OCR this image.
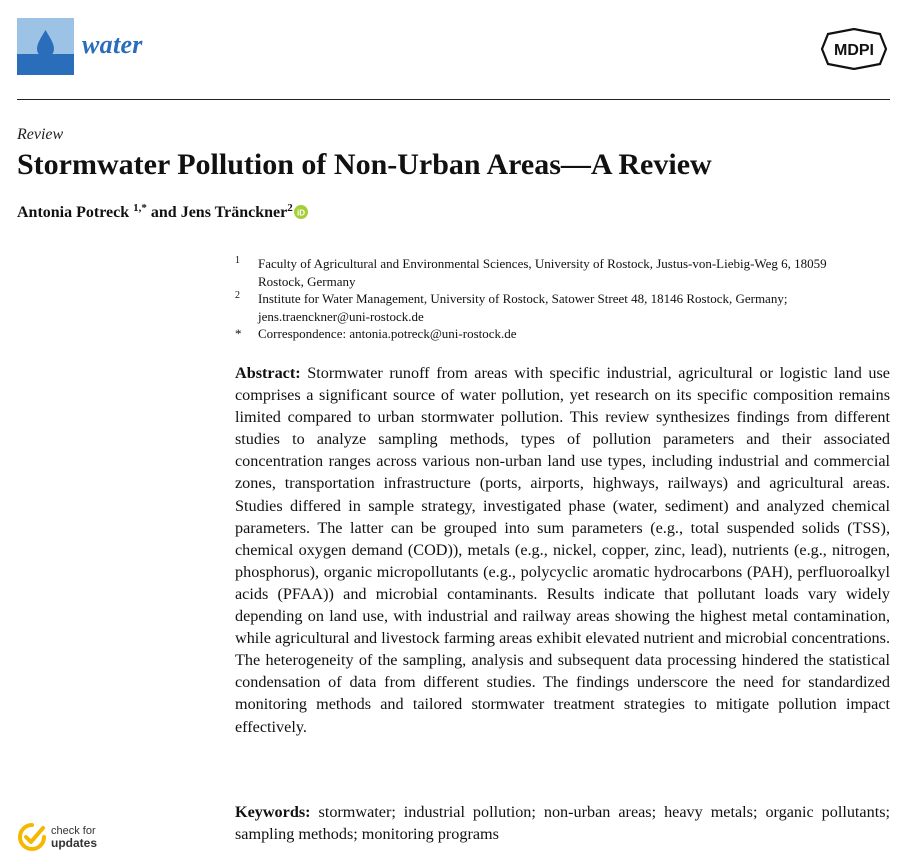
water	MDPI
Review
Stormwater Pollution of Non-Urban Areas—A Review
Antonia Potreck $^{1,*}$ and Jens Tränckner$^2$ iD
1 Faculty of Agricultural and Environmental Sciences, University of Rostock, Justus-von-Liebig-Weg 6, 18059 Rostock, Germany
2 Institute for Water Management, University of Rostock, Satower Street 48, 18146 Rostock, Germany; jens.traenckner@uni-rostock.de
* Correspondence: antonia.potreck@uni-rostock.de

Abstract: Stormwater runoff from areas with specific industrial, agricultural or logistic land use comprises a significant source of water pollution, yet research on its specific composition remains limited compared to urban stormwater pollution. This review synthesizes findings from different studies to analyze sampling methods, types of pollution parameters and their associated concentration ranges across various non-urban land use types, including industrial and commercial zones, transportation infrastructure (ports, airports, highways, railways) and agricultural areas. Studies differed in sample strategy, investigated phase (water, sediment) and analyzed chemical parameters. The latter can be grouped into sum parameters (e.g., total suspended solids (TSS), chemical oxygen demand (COD)), metals (e.g., nickel, copper, zinc, lead), nutrients (e.g., nitrogen, phosphorus), organic micropollutants (e.g., polycyclic aromatic hydrocarbons (PAH), perfluoroalkyl acids (PFAA)) and microbial contaminants. Results indicate that pollutant loads vary widely depending on land use, with industrial and railway areas showing the highest metal contamination, while agricultural and livestock farming areas exhibit elevated nutrient and microbial concentrations. The heterogeneity of the sampling, analysis and subsequent data processing hindered the statistical condensation of data from different studies. The findings underscore the need for standardized monitoring methods and tailored stormwater treatment strategies to mitigate pollution impact effectively.

Keywords: stormwater; industrial pollution; non-urban areas; heavy metals; organic pollutants; sampling methods; monitoring programs

check for
updates
